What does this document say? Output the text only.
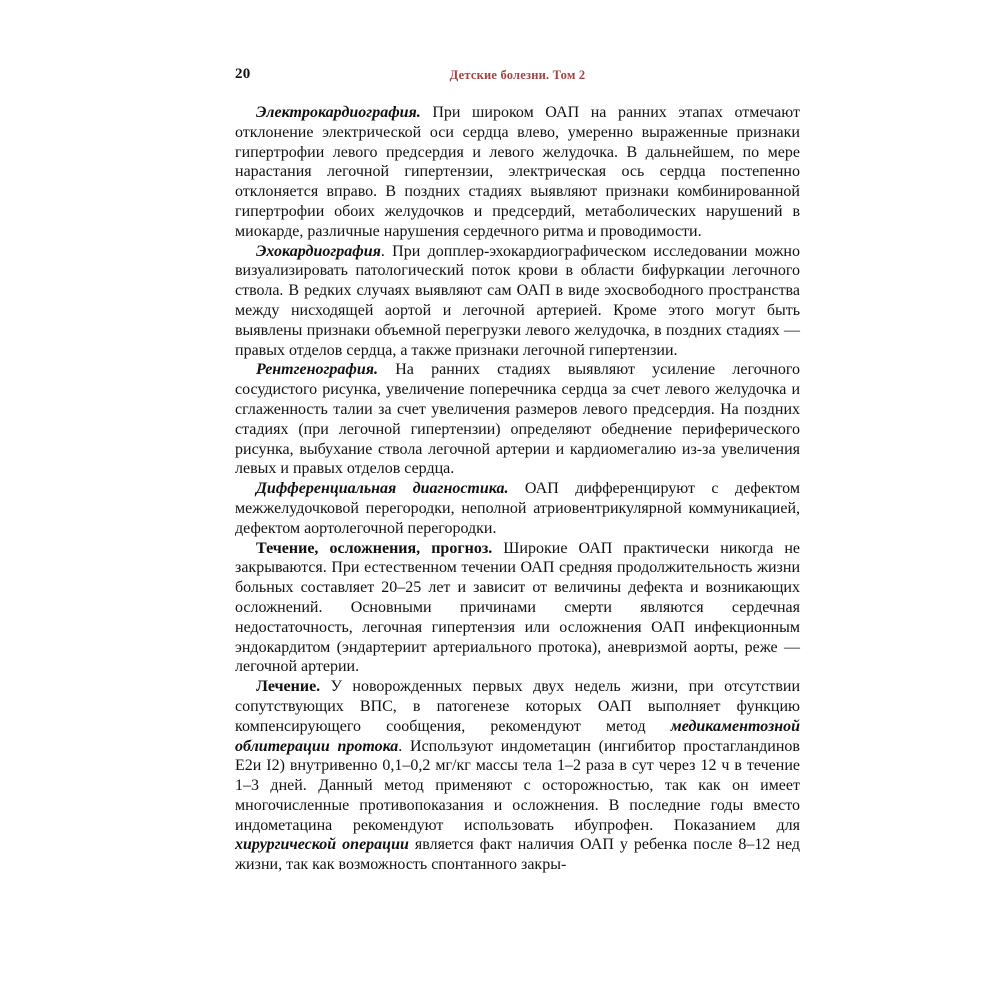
20	Детские болезни. Том 2

Электрокардиография. При широком ОАП на ранних этапах отмечают отклонение электрической оси сердца влево, умеренно выраженные признаки гипертрофии левого предсердия и левого желудочка. В дальнейшем, по мере нарастания легочной гипертензии, электрическая ось сердца постепенно отклоняется вправо. В поздних стадиях выявляют признаки комбинированной гипертрофии обоих желудочков и предсердий, метаболических нарушений в миокарде, различные нарушения сердечного ритма и проводимости.

Эхокардиография. При допплер-эхокардиографическом исследовании можно визуализировать патологический поток крови в области бифуркации легочного ствола. В редких случаях выявляют сам ОАП в виде эхосвободного пространства между нисходящей аортой и легочной артерией. Кроме этого могут быть выявлены признаки объемной перегрузки левого желудочка, в поздних стадиях — правых отделов сердца, а также признаки легочной гипертензии.

Рентгенография. На ранних стадиях выявляют усиление легочного сосудистого рисунка, увеличение поперечника сердца за счет левого желудочка и сглаженность талии за счет увеличения размеров левого предсердия. На поздних стадиях (при легочной гипертензии) определяют обеднение периферического рисунка, выбухание ствола легочной артерии и кардиомегалию из-за увеличения левых и правых отделов сердца.

Дифференциальная диагностика. ОАП дифференцируют с дефектом межжелудочковой перегородки, неполной атриовентрикулярной коммуникацией, дефектом аортолегочной перегородки.

Течение, осложнения, прогноз. Широкие ОАП практически никогда не закрываются. При естественном течении ОАП средняя продолжительность жизни больных составляет 20–25 лет и зависит от величины дефекта и возникающих осложнений. Основными причинами смерти являются сердечная недостаточность, легочная гипертензия или осложнения ОАП инфекционным эндокардитом (эндартериит артериального протока), аневризмой аорты, реже — легочной артерии.

Лечение. У новорожденных первых двух недель жизни, при отсутствии сопутствующих ВПС, в патогенезе которых ОАП выполняет функцию компенсирующего сообщения, рекомендуют метод медикаментозной облитерации протока. Используют индометацин (ингибитор простагландинов Е2и I2) внутривенно 0,1–0,2 мг/кг массы тела 1–2 раза в сут через 12 ч в течение 1–3 дней. Данный метод применяют с осторожностью, так как он имеет многочисленные противопоказания и осложнения. В последние годы вместо индометацина рекомендуют использовать ибупрофен. Показанием для хирургической операции является факт наличия ОАП у ребенка после 8–12 нед жизни, так как возможность спонтанного закры-
